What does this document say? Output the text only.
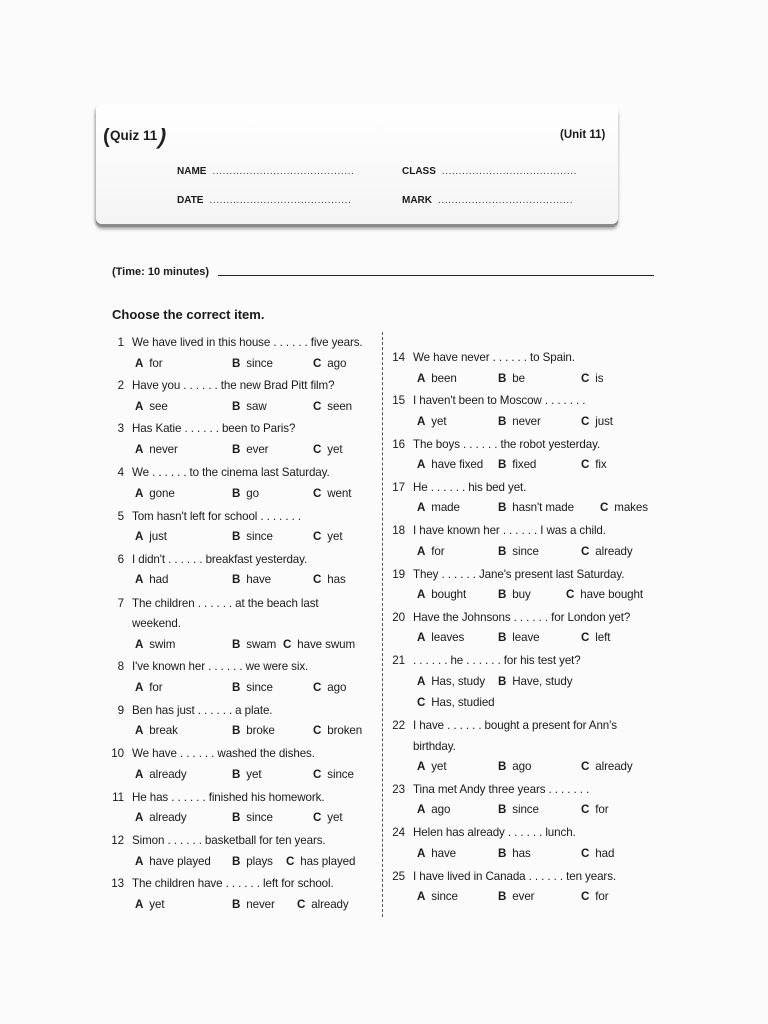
( Quiz 11
)	(Unit 11)
NAME ..........................................	CLASS ........................................
DATE ..........................................	MARK ........................................
(Time: 10 minutes)
Choose the correct item.
1 We have lived in this house . . . . . . five years.
A for	B since	C ago
2 Have you . . . . . . the new Brad Pitt film?
A see	B saw	C seen
3 Has Katie . . . . . . been to Paris?
A never	B ever	C yet
4 We . . . . . . to the cinema last Saturday.
A gone	B go	C went
5 Tom hasn't left for school . . . . . . .
A just	B since	C yet
6 I didn't . . . . . . breakfast yesterday.
A had	B have	C has
7 The children . . . . . . at the beach last
weekend.
A swim	B swam C have swum
8 I've known her . . . . . . we were six.
A for	B since	C ago
9 Ben has just . . . . . . a plate.
A break	B broke	C broken
10 We have . . . . . . washed the dishes.
A already	B yet	C since
11 He has . . . . . . finished his homework.
A already	B since	C yet
12 Simon . . . . . . basketball for ten years.
A have played B plays C has played
13 The children have . . . . . . left for school.
A yet	B never C already
14 We have never . . . . . . to Spain.
A been	B be	C is
15 I haven't been to Moscow . . . . . . .
A yet	B never	C just
16 The boys . . . . . . the robot yesterday.
A have fixed B fixed	C fix
17 He . . . . . . his bed yet.
A made	B hasn't made C makes
18 I have known her . . . . . . I was a child.
A for	B since	C already
19 They . . . . . . Jane's present last Saturday.
A bought	B buy	C have bought
20 Have the Johnsons . . . . . . for London yet?
A leaves	B leave	C left
21 . . . . . . he . . . . . . for his test yet?
A Has, study B Have, study
C Has, studied
22 I have . . . . . . bought a present for Ann's
birthday.
A yet	B ago	C already
23 Tina met Andy three years . . . . . . .
A ago	B since	C for
24 Helen has already . . . . . . lunch.
A have	B has	C had
25 I have lived in Canada . . . . . . ten years.
A since	B ever	C for
